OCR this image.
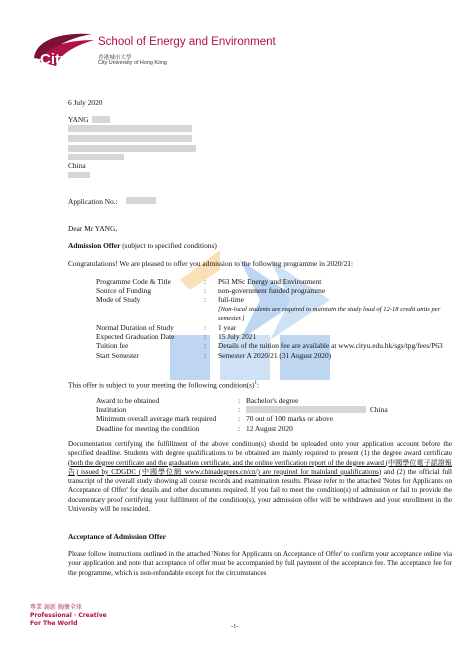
CityU
School of Energy and Environment
香港城市大學
City University of Hong Kong
6 July 2020
YANG
China
Application No.:
Dear Mr YANG,
Admission Offer (subject to specified conditions)
Congratulations! We are pleased to offer you admission to the following programme in 2020/21:
Programme Code & Title	:	P63 MSc Energy and Environment
Source of Funding	:	non-government funded programme
Mode of Study	:	full-time
[Non-local students are required to maintain the study load of 12-18 credit units per semester.]
Normal Duration of Study	:	1 year
Expected Graduation Date	:	15 July 2021
Tuition fee	:	Details of the tuition fee are available at www.cityu.edu.hk/sgs/tpg/fees/P63
Start Semester	:	Semester A 2020/21 (31 August 2020)
This offer is subject to your meeting the following $condition(s)^1$:
Award to be obtained	: Bachelor's degree
Institution	:	China
Minimum overall average mark required	: 70 out of 100 marks or above
Deadline for meeting the condition	: 12 August 2020
Documentation certifying the fulfillment of the above condition(s) should be uploaded onto your application account before the specified deadline. Students with degree qualifications to be obtained are mainly required to present (1) the degree award certificate (both the degree certificate and the graduation certificate, and the online verification report of the degree award (中國學位電子認證報告) issued by CDGDC (中國學位網 www.chinadegrees.cn/cn/) are required for mainland qualifications) and (2) the official full transcript of the overall study showing all course records and examination results. Please refer to the attached 'Notes for Applicants on Acceptance of Offer' for details and other documents required. If you fail to meet the condition(s) of admission or fail to provide the documentary proof certifying your fulfilment of the condition(s), your admission offer will be withdrawn and your enrollment in the University will be rescinded.
Acceptance of Admission Offer
Please follow instructions outlined in the attached 'Notes for Applicants on Acceptance of Offer' to confirm your acceptance online via your application and note that acceptance of offer must be accompanied by full payment of the acceptance fee. The acceptance fee for the programme, which is non-refundable except for the circumstances
專業 創新 胸懷全球
Professional · Creative
For The World	-1-
